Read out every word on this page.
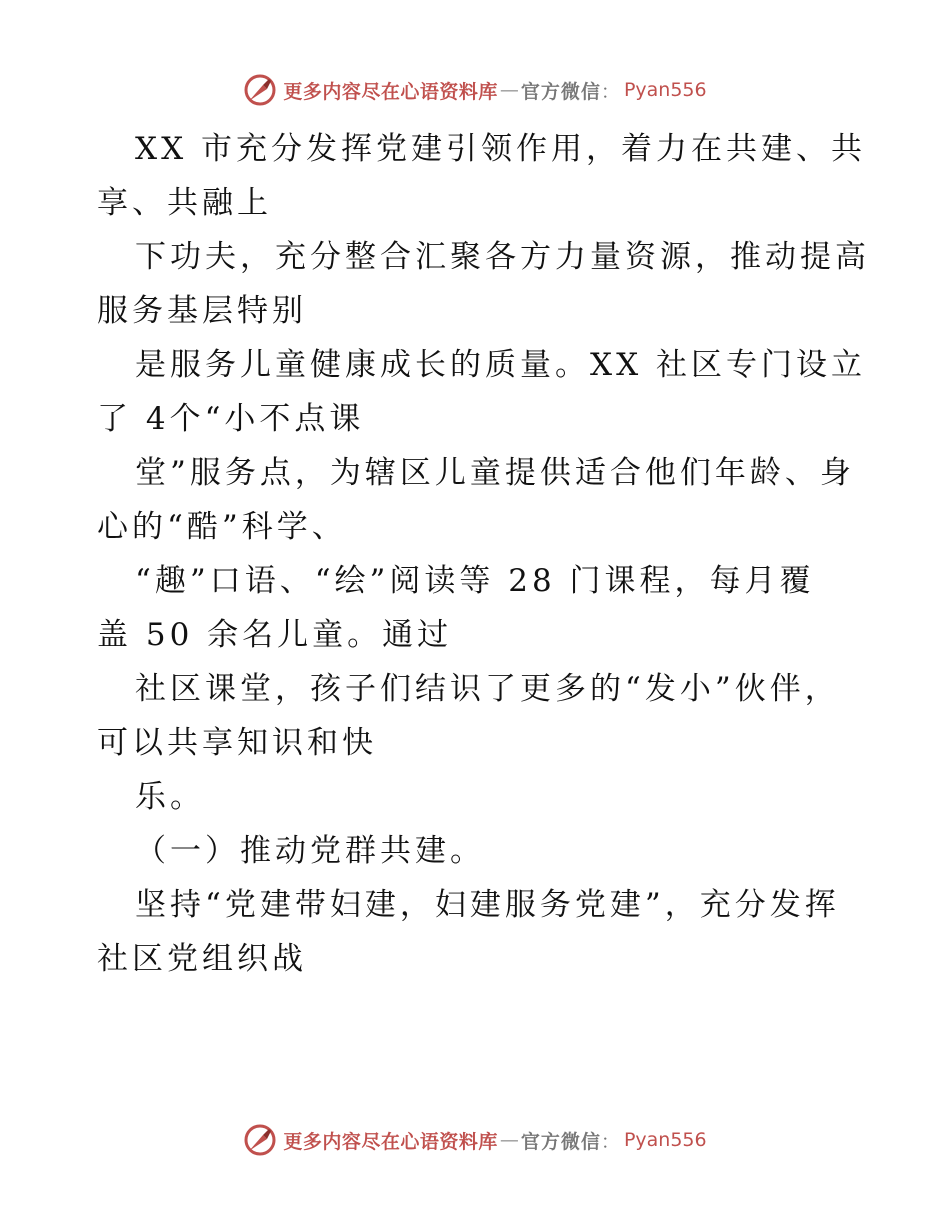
更多内容尽在心语资料库 — 官方微信 ： Pyan556
XX 市充分发挥党建引领作用，着力在共建、共
享、共融上
下功夫，充分整合汇聚各方力量资源，推动提高
服务基层特别
是服务儿童健康成长的质量。XX 社区专门设立
了 4个“小不点课
堂”服务点，为辖区儿童提供适合他们年龄、身
心的“酷”科学、
“趣”口语、“绘”阅读等 28 门课程，每月覆
盖 50 余名儿童。通过
社区课堂，孩子们结识了更多的“发小”伙伴，
可以共享知识和快
乐。
（一）推动党群共建。
坚持“党建带妇建，妇建服务党建”，充分发挥
社区党组织战
更多内容尽在心语资料库 — 官方微信 ： Pyan556
